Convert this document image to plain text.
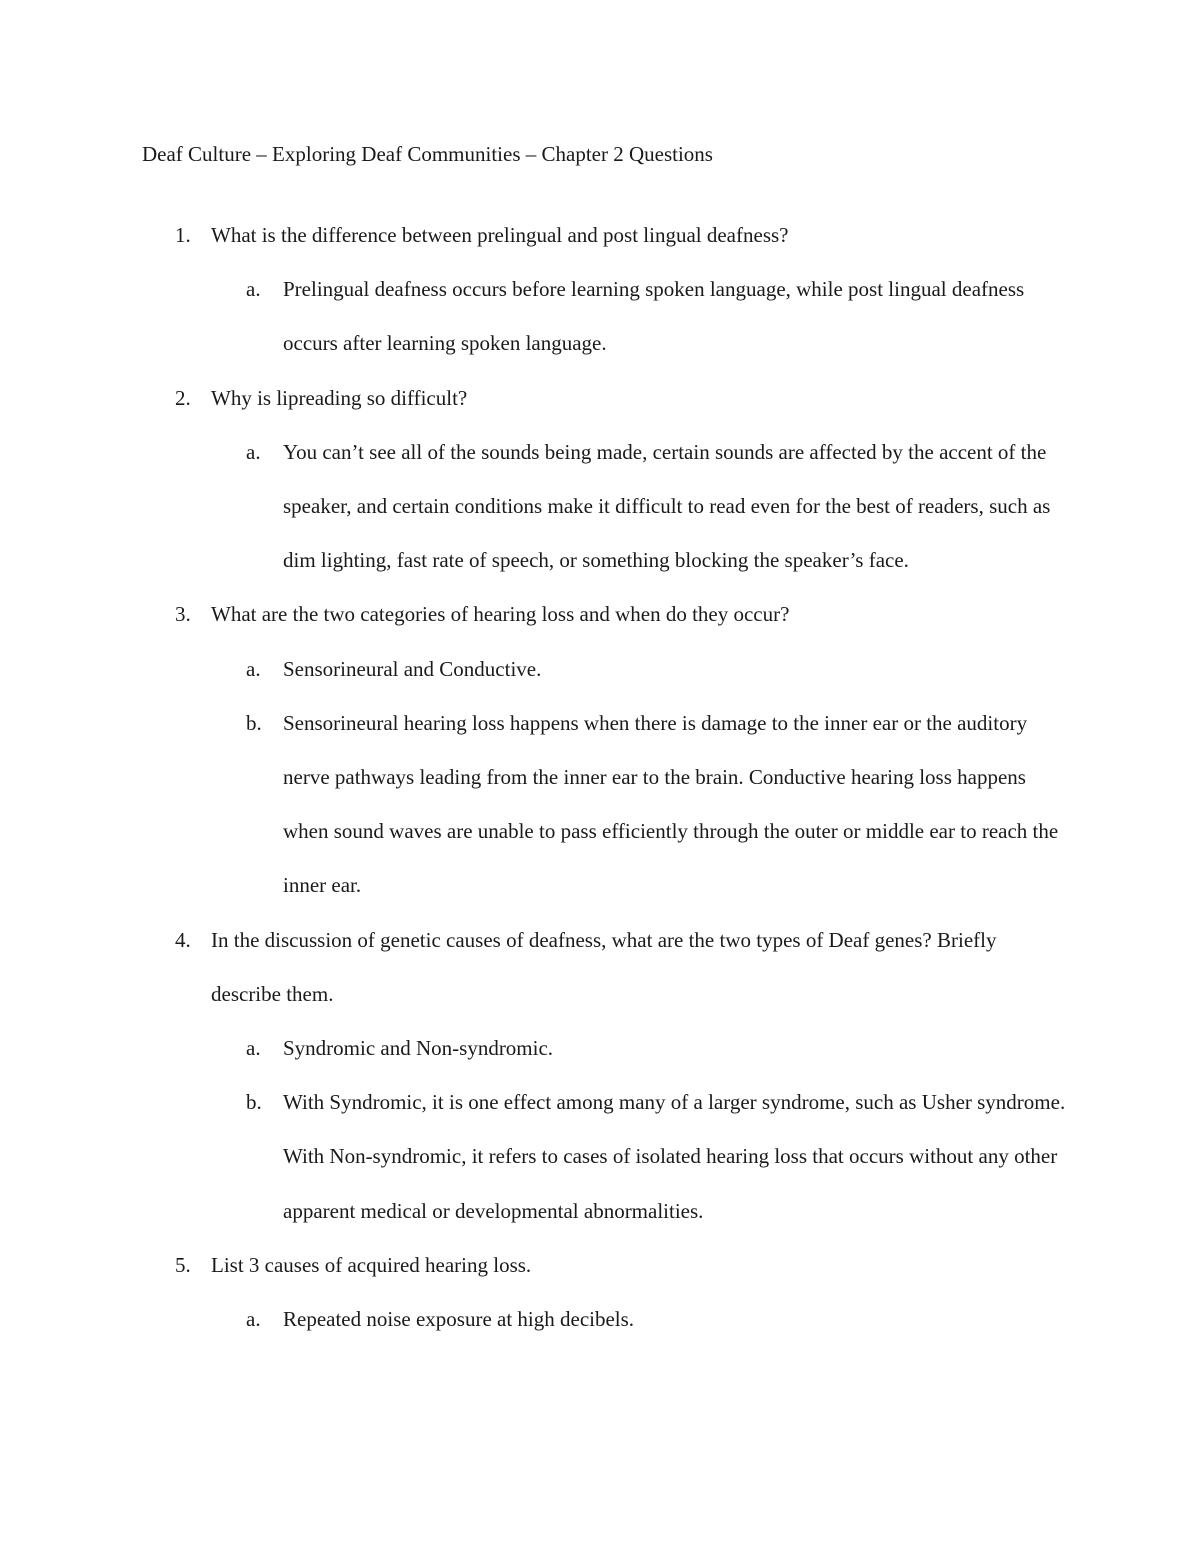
Deaf Culture – Exploring Deaf Communities – Chapter 2 Questions
1. What is the difference between prelingual and post lingual deafness?
a. Prelingual deafness occurs before learning spoken language, while post lingual deafness occurs after learning spoken language.
2. Why is lipreading so difficult?
a. You can’t see all of the sounds being made, certain sounds are affected by the accent of the speaker, and certain conditions make it difficult to read even for the best of readers, such as dim lighting, fast rate of speech, or something blocking the speaker’s face.
3. What are the two categories of hearing loss and when do they occur?
a. Sensorineural and Conductive.
b. Sensorineural hearing loss happens when there is damage to the inner ear or the auditory nerve pathways leading from the inner ear to the brain. Conductive hearing loss happens when sound waves are unable to pass efficiently through the outer or middle ear to reach the inner ear.
4. In the discussion of genetic causes of deafness, what are the two types of Deaf genes? Briefly describe them.
a. Syndromic and Non-syndromic.
b. With Syndromic, it is one effect among many of a larger syndrome, such as Usher syndrome. With Non-syndromic, it refers to cases of isolated hearing loss that occurs without any other apparent medical or developmental abnormalities.
5. List 3 causes of acquired hearing loss.
a. Repeated noise exposure at high decibels.
